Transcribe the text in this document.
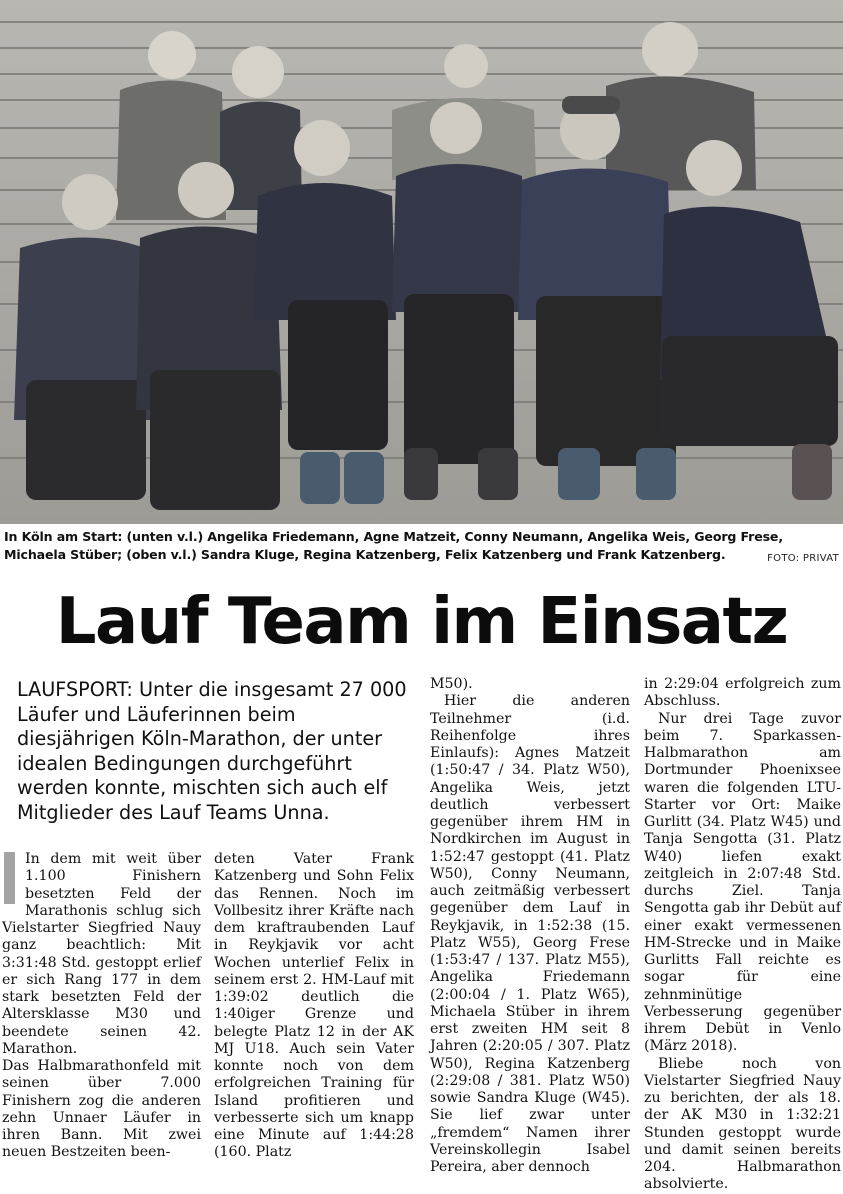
In Köln am Start: (unten v.l.) Angelika Friedemann, Agne Matzeit, Conny Neumann, Angelika Weis, Georg Frese, Michaela Stüber; (oben v.l.) Sandra Kluge, Regina Katzenberg, Felix Katzenberg und Frank Katzenberg.	FOTO: PRIVAT
Lauf Team im Einsatz
LAUFSPORT: Unter die insgesamt 27 000 Läufer und Läuferinnen beim diesjährigen Köln-Marathon, der unter idealen Bedingungen durchgeführt werden konnte, mischten sich auch elf Mitglieder des Lauf Teams Unna.

In dem mit weit über 1.100 Finishern besetzten Feld der Marathonis schlug sich Vielstarter Siegfried Nauy ganz beachtlich: Mit 3:31:48 Std. gestoppt erlief er sich Rang 177 in dem stark besetzten Feld der Altersklasse M30 und beendete seinen 42. Marathon.

Das Halbmarathonfeld mit seinen über 7.000 Finishern zog die anderen zehn Unnaer Läufer in ihren Bann. Mit zwei neuen Bestzeiten been-

deten Vater Frank Katzenberg und Sohn Felix das Rennen. Noch im Vollbesitz ihrer Kräfte nach dem kraftraubenden Lauf in Reykjavik vor acht Wochen unterlief Felix in seinem erst 2. HM-Lauf mit 1:39:02 deutlich die 1:40iger Grenze und belegte Platz 12 in der AK MJ U18. Auch sein Vater konnte noch von dem erfolgreichen Training für Island profitieren und verbesserte sich um knapp eine Minute auf 1:44:28 (160. Platz

M50).

Hier die anderen Teilnehmer (i.d. Reihenfolge ihres Einlaufs): Agnes Matzeit (1:50:47 / 34. Platz W50), Angelika Weis, jetzt deutlich verbessert gegenüber ihrem HM in Nordkirchen im August in 1:52:47 gestoppt (41. Platz W50), Conny Neumann, auch zeitmäßig verbessert gegenüber dem Lauf in Reykjavik, in 1:52:38 (15. Platz W55), Georg Frese (1:53:47 / 137. Platz M55), Angelika Friedemann (2:00:04 / 1. Platz W65), Michaela Stüber in ihrem erst zweiten HM seit 8 Jahren (2:20:05 / 307. Platz W50), Regina Katzenberg (2:29:08 / 381. Platz W50) sowie Sandra Kluge (W45). Sie lief zwar unter „fremdem“ Namen ihrer Vereinskollegin Isabel Pereira, aber dennoch

in 2:29:04 erfolgreich zum Abschluss.

Nur drei Tage zuvor beim 7. Sparkassen-Halbmarathon am Dortmunder Phoenixsee waren die folgenden LTU-Starter vor Ort: Maike Gurlitt (34. Platz W45) und Tanja Sengotta (31. Platz W40) liefen exakt zeitgleich in 2:07:48 Std. durchs Ziel. Tanja Sengotta gab ihr Debüt auf einer exakt vermessenen HM-Strecke und in Maike Gurlitts Fall reichte es sogar für eine zehnminütige Verbesserung gegenüber ihrem Debüt in Venlo (März 2018).

Bliebe noch von Vielstarter Siegfried Nauy zu berichten, der als 18. der AK M30 in 1:32:21 Stunden gestoppt wurde und damit seinen bereits 204. Halbmarathon absolvierte.
